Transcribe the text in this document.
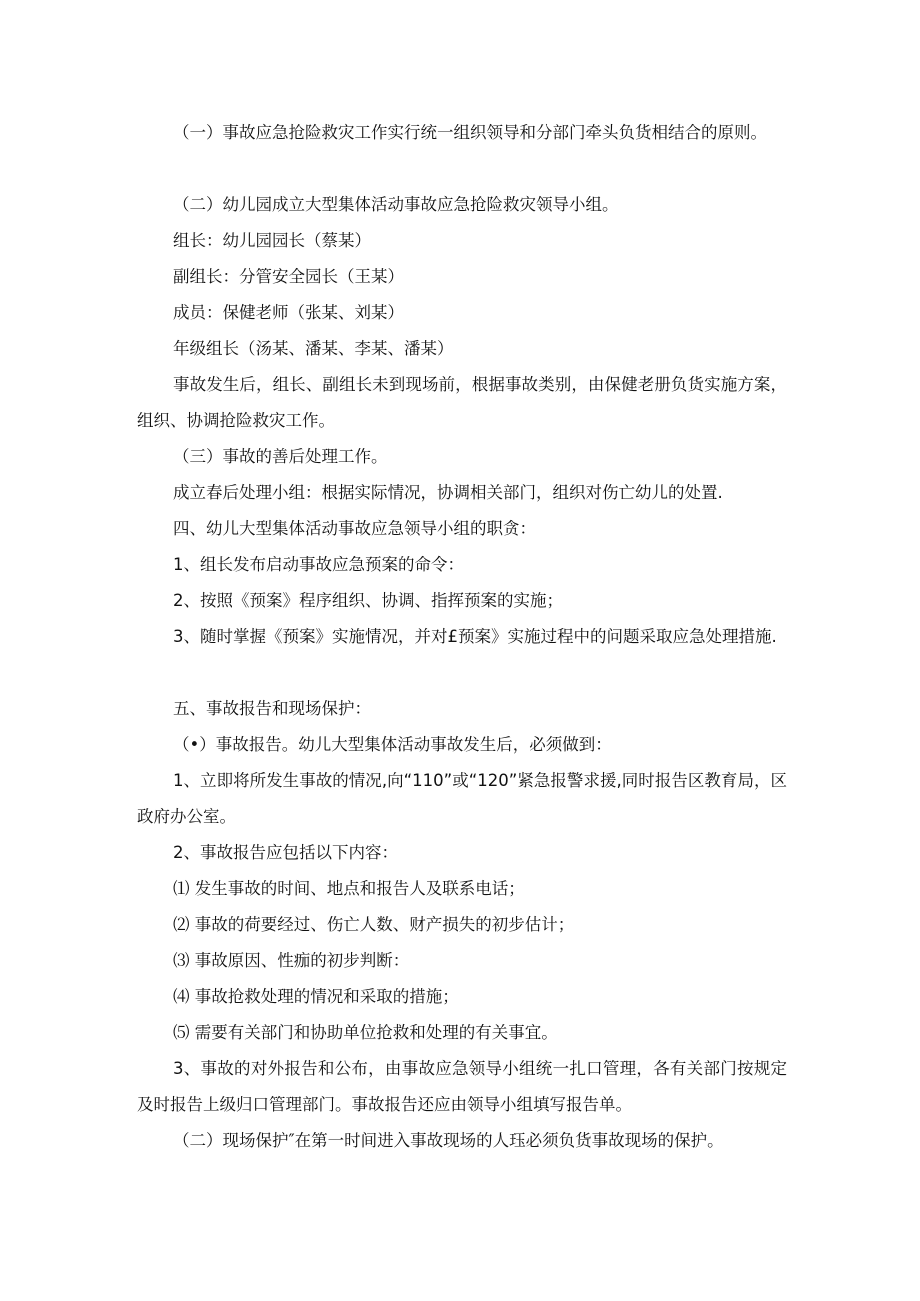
（一）事故应急抢险救灾工作实行统一组织领导和分部门牵头负货相结合的原则。

（二）幼儿园成立大型集体活动事故应急抢险救灾领导小组。

组长：幼儿园园长（蔡某）

副组长：分管安全园长（王某）

成员：保健老师（张某、刘某）

年级组长（汤某、潘某、李某、潘某）

事故发生后，组长、副组长未到现场前，根据事故类别，由保健老册负货实施方案，组织、协调抢险救灾工作。

（三）事故的善后处理工作。

成立春后处理小组：根据实际情况，协调相关部门，组织对伤亡幼儿的处置.

四、幼儿大型集体活动事故应急领导小组的职贪：

1、组长发布启动事故应急预案的命令：

2、按照《预案》程序组织、协调、指挥预案的实施；

3、随时掌握《预案》实施情况，并对£预案》实施过程中的问题采取应急处理措施.

五、事故报告和现场保护：

（•）事故报告。幼儿大型集体活动事故发生后，必须做到：

1、立即将所发生事故的情况,向“110”或“120”紧急报警求援,同时报告区教育局，区政府办公室。

2、事故报告应包括以下内容：

⑴ 发生事故的时间、地点和报告人及联系电话；

⑵ 事故的荷要经过、伤亡人数、财产损失的初步估计；

⑶ 事故原因、性痂的初步判断：

⑷ 事故抢救处理的情况和采取的措施；

⑸ 需要有关部门和协助单位抢救和处理的有关事宜。

3、事故的对外报告和公布，由事故应急领导小组统一扎口管理，各有关部门按规定及时报告上级归口管理部门。事故报告还应由领导小组填写报告单。

（二）现场保护″在第一时间进入事故现场的人珏必须负货事故现场的保护。
